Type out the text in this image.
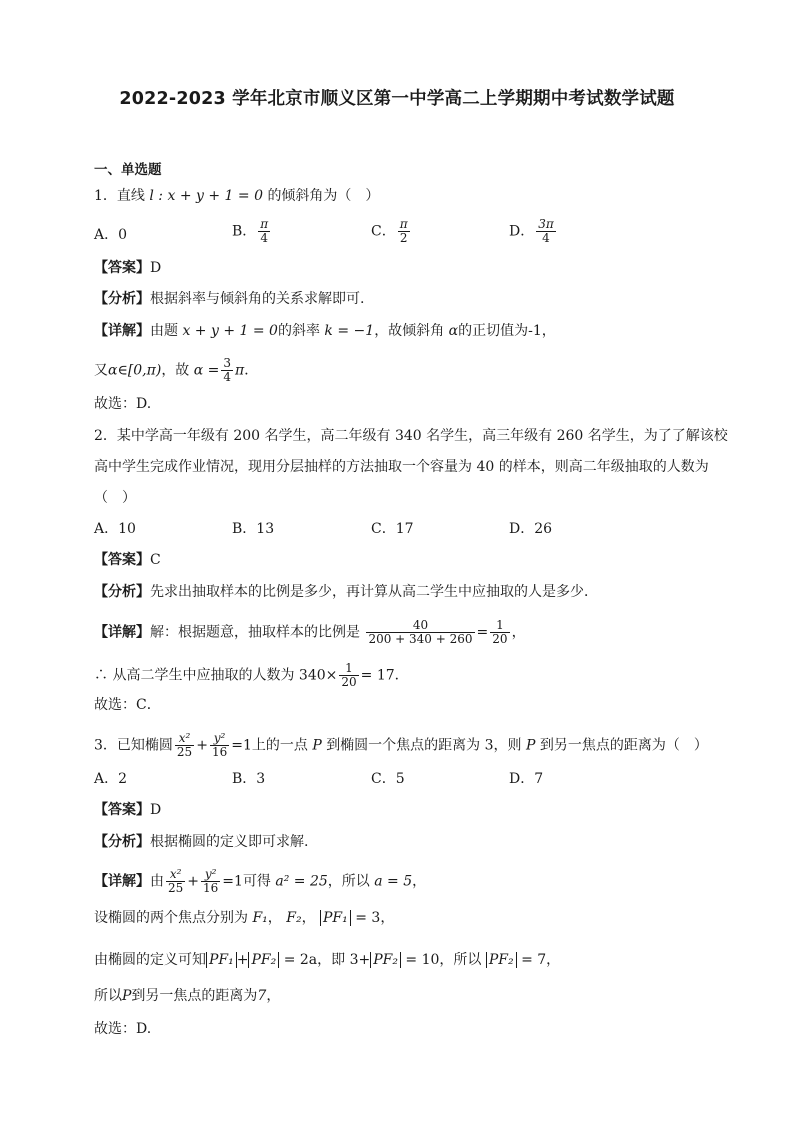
2022-2023 学年北京市顺义区第一中学高二上学期期中考试数学试题
一、单选题
1．直线 l : x + y + 1 = 0 的倾斜角为（　）
A．0	B． $\frac{\pi}{4}$	C． $\frac{\pi}{2}$	D． $\frac{3\pi}{4}$
【答案】D
【分析】根据斜率与倾斜角的关系求解即可.
【详解】由题 x + y + 1 = 0的斜率 k = −1，故倾斜角 α的正切值为-1，
又α∈[0,π)，故 $\alpha = \frac{3}{4}$ π．
故选：D.
2．某中学高一年级有 200 名学生，高二年级有 340 名学生，高三年级有 260 名学生，为了了解该校
高中学生完成作业情况，现用分层抽样的方法抽取一个容量为 40 的样本，则高二年级抽取的人数为
（　）
A．10	B．13	C．17	D．26
【答案】C
【分析】先求出抽取样本的比例是多少，再计算从高二学生中应抽取的人是多少．
【详解】解：根据题意，抽取样本的比例是 $\frac{40}{200 + 340 + 260} = \frac{1}{20}$ ，
∴ 从高二学生中应抽取的人数为 $340\times \frac{1}{20} = 17$．
故选：C．
3．已知椭圆 $\frac{\text{x²}}{25} + \frac{\text{y²}}{16} =1$上的一点 P 到椭圆一个焦点的距离为 3，则 P 到另一焦点的距离为（　）
A．2	B．3	C．5	D．7
【答案】D
【分析】根据椭圆的定义即可求解.
【详解】由 $\frac{\text{x²}}{25} + \frac{\text{y²}}{16} =1$可得 a² = 25，所以 a = 5，
设椭圆的两个焦点分别为 F₁， F₂， PF₁ = 3，
由椭圆的定义可知 PF₁ + PF₂ = 2a，即 3+ PF₂ = 10，所以 PF₂ = 7，
所以P到另一焦点的距离为7，
故选：D.
